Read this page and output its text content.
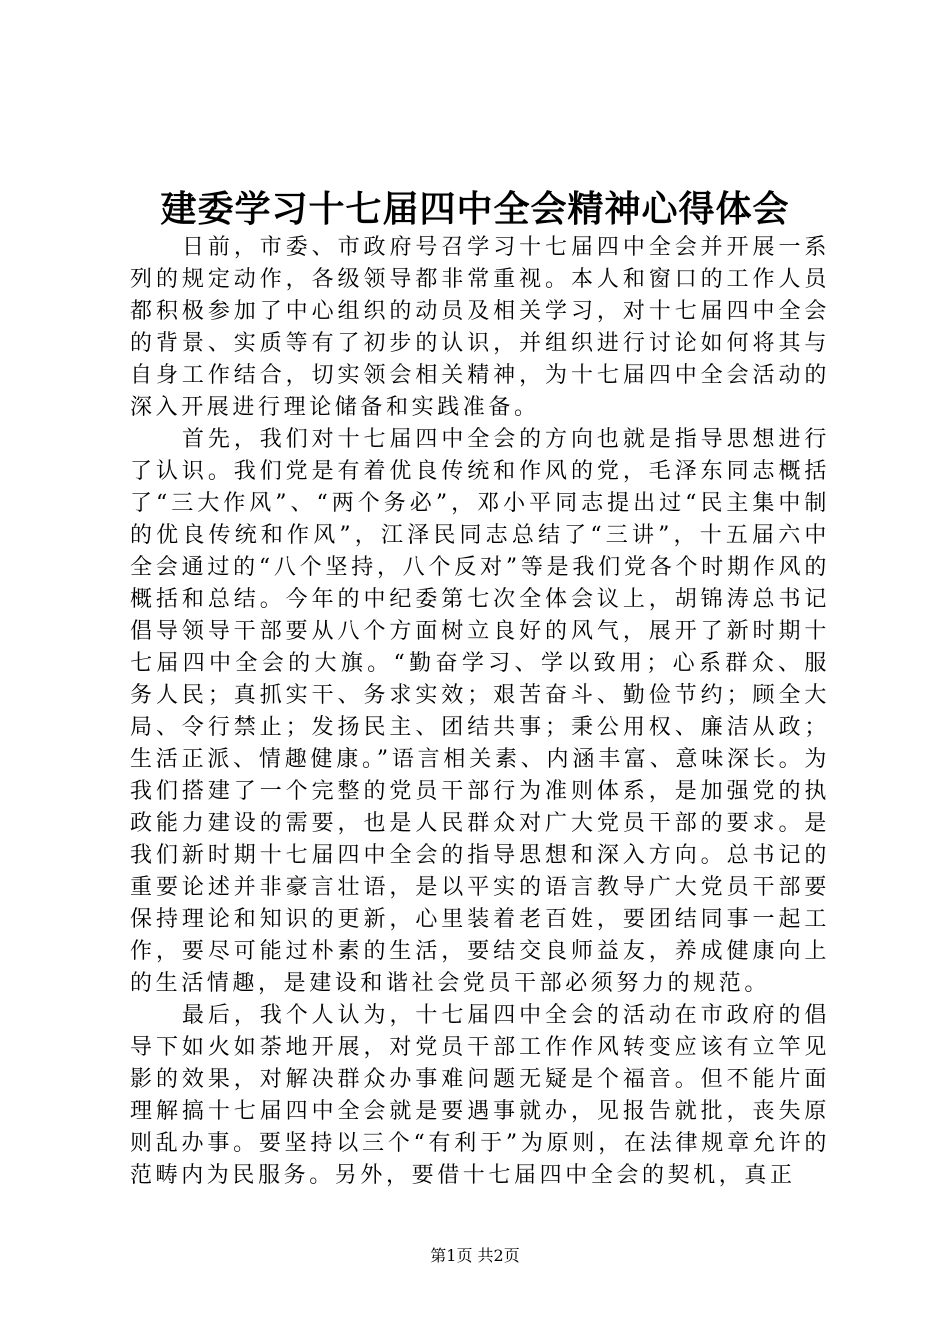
建委学习十七届四中全会精神心得体会

日前，市委、市政府号召学习十七届四中全会并开展一系列的规定动作，各级领导都非常重视。本人和窗口的工作人员都积极参加了中心组织的动员及相关学习，对十七届四中全会的背景、实质等有了初步的认识，并组织进行讨论如何将其与自身工作结合，切实领会相关精神，为十七届四中全会活动的深入开展进行理论储备和实践准备。

首先，我们对十七届四中全会的方向也就是指导思想进行了认识。我们党是有着优良传统和作风的党，毛泽东同志概括了“三大作风”、“两个务必”，邓小平同志提出过“民主集中制的优良传统和作风”，江泽民同志总结了“三讲”，十五届六中全会通过的“八个坚持，八个反对”等是我们党各个时期作风的概括和总结。今年的中纪委第七次全体会议上，胡锦涛总书记倡导领导干部要从八个方面树立良好的风气，展开了新时期十七届四中全会的大旗。“勤奋学习、学以致用；心系群众、服务人民；真抓实干、务求实效；艰苦奋斗、勤俭节约；顾全大局、令行禁止；发扬民主、团结共事；秉公用权、廉洁从政；生活正派、情趣健康。”语言相关素、内涵丰富、意味深长。为我们搭建了一个完整的党员干部行为准则体系，是加强党的执政能力建设的需要，也是人民群众对广大党员干部的要求。是我们新时期十七届四中全会的指导思想和深入方向。总书记的重要论述并非豪言壮语，是以平实的语言教导广大党员干部要保持理论和知识的更新，心里装着老百姓，要团结同事一起工作，要尽可能过朴素的生活，要结交良师益友，养成健康向上的生活情趣，是建设和谐社会党员干部必须努力的规范。

最后，我个人认为，十七届四中全会的活动在市政府的倡导下如火如荼地开展，对党员干部工作作风转变应该有立竿见影的效果，对解决群众办事难问题无疑是个福音。但不能片面理解搞十七届四中全会就是要遇事就办，见报告就批，丧失原则乱办事。要坚持以三个“有利于”为原则，在法律规章允许的范畴内为民服务。另外，要借十七届四中全会的契机，真正

第1页 共2页
